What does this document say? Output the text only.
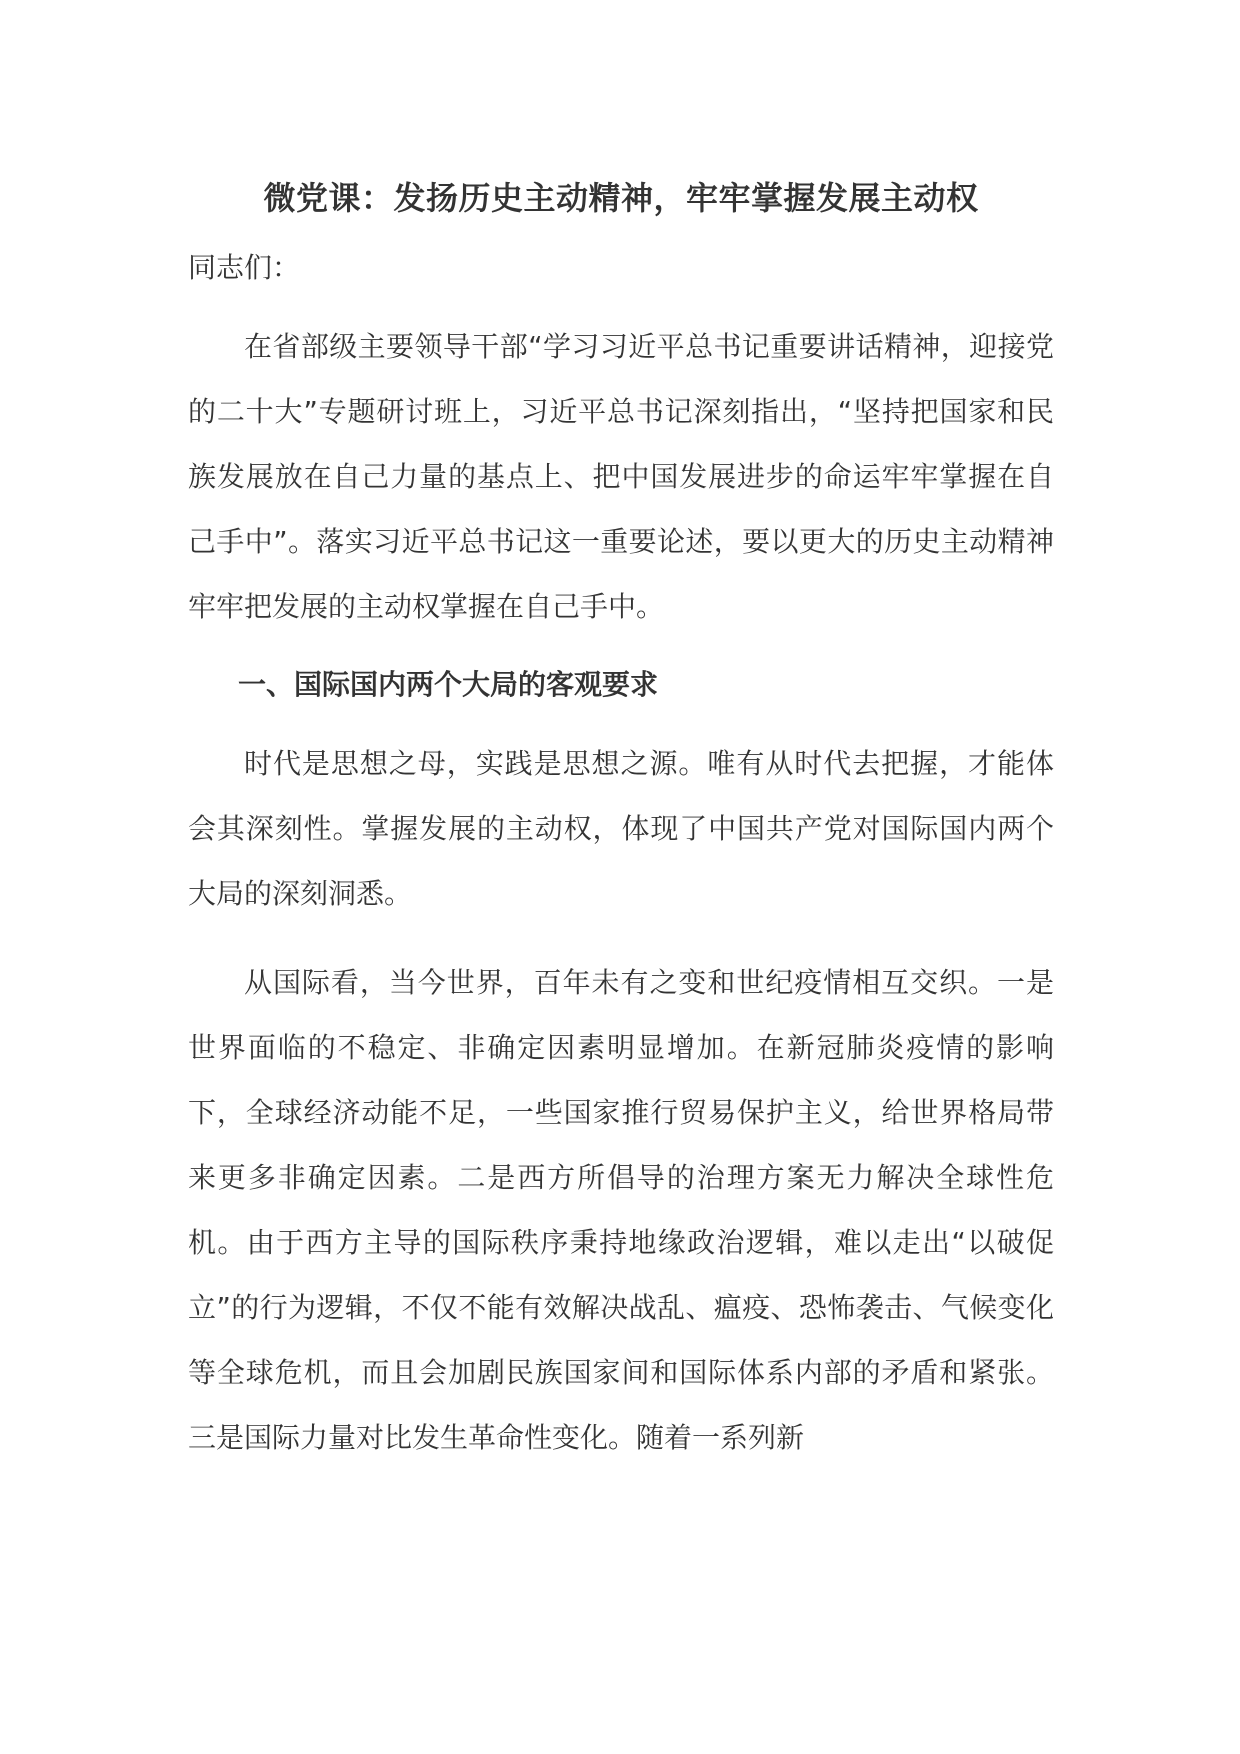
微党课：发扬历史主动精神，牢牢掌握发展主动权

同志们：

在省部级主要领导干部“学习习近平总书记重要讲话精神，迎接党的二十大”专题研讨班上，习近平总书记深刻指出，“坚持把国家和民族发展放在自己力量的基点上、把中国发展进步的命运牢牢掌握在自己手中”。落实习近平总书记这一重要论述，要以更大的历史主动精神牢牢把发展的主动权掌握在自己手中。

一、国际国内两个大局的客观要求

时代是思想之母，实践是思想之源。唯有从时代去把握，才能体会其深刻性。掌握发展的主动权，体现了中国共产党对国际国内两个大局的深刻洞悉。

从国际看，当今世界，百年未有之变和世纪疫情相互交织。一是世界面临的不稳定、非确定因素明显增加。在新冠肺炎疫情的影响下，全球经济动能不足，一些国家推行贸易保护主义，给世界格局带来更多非确定因素。二是西方所倡导的治理方案无力解决全球性危机。由于西方主导的国际秩序秉持地缘政治逻辑，难以走出“以破促立”的行为逻辑，不仅不能有效解决战乱、瘟疫、恐怖袭击、气候变化等全球危机，而且会加剧民族国家间和国际体系内部的矛盾和紧张。三是国际力量对比发生革命性变化。随着一系列新
